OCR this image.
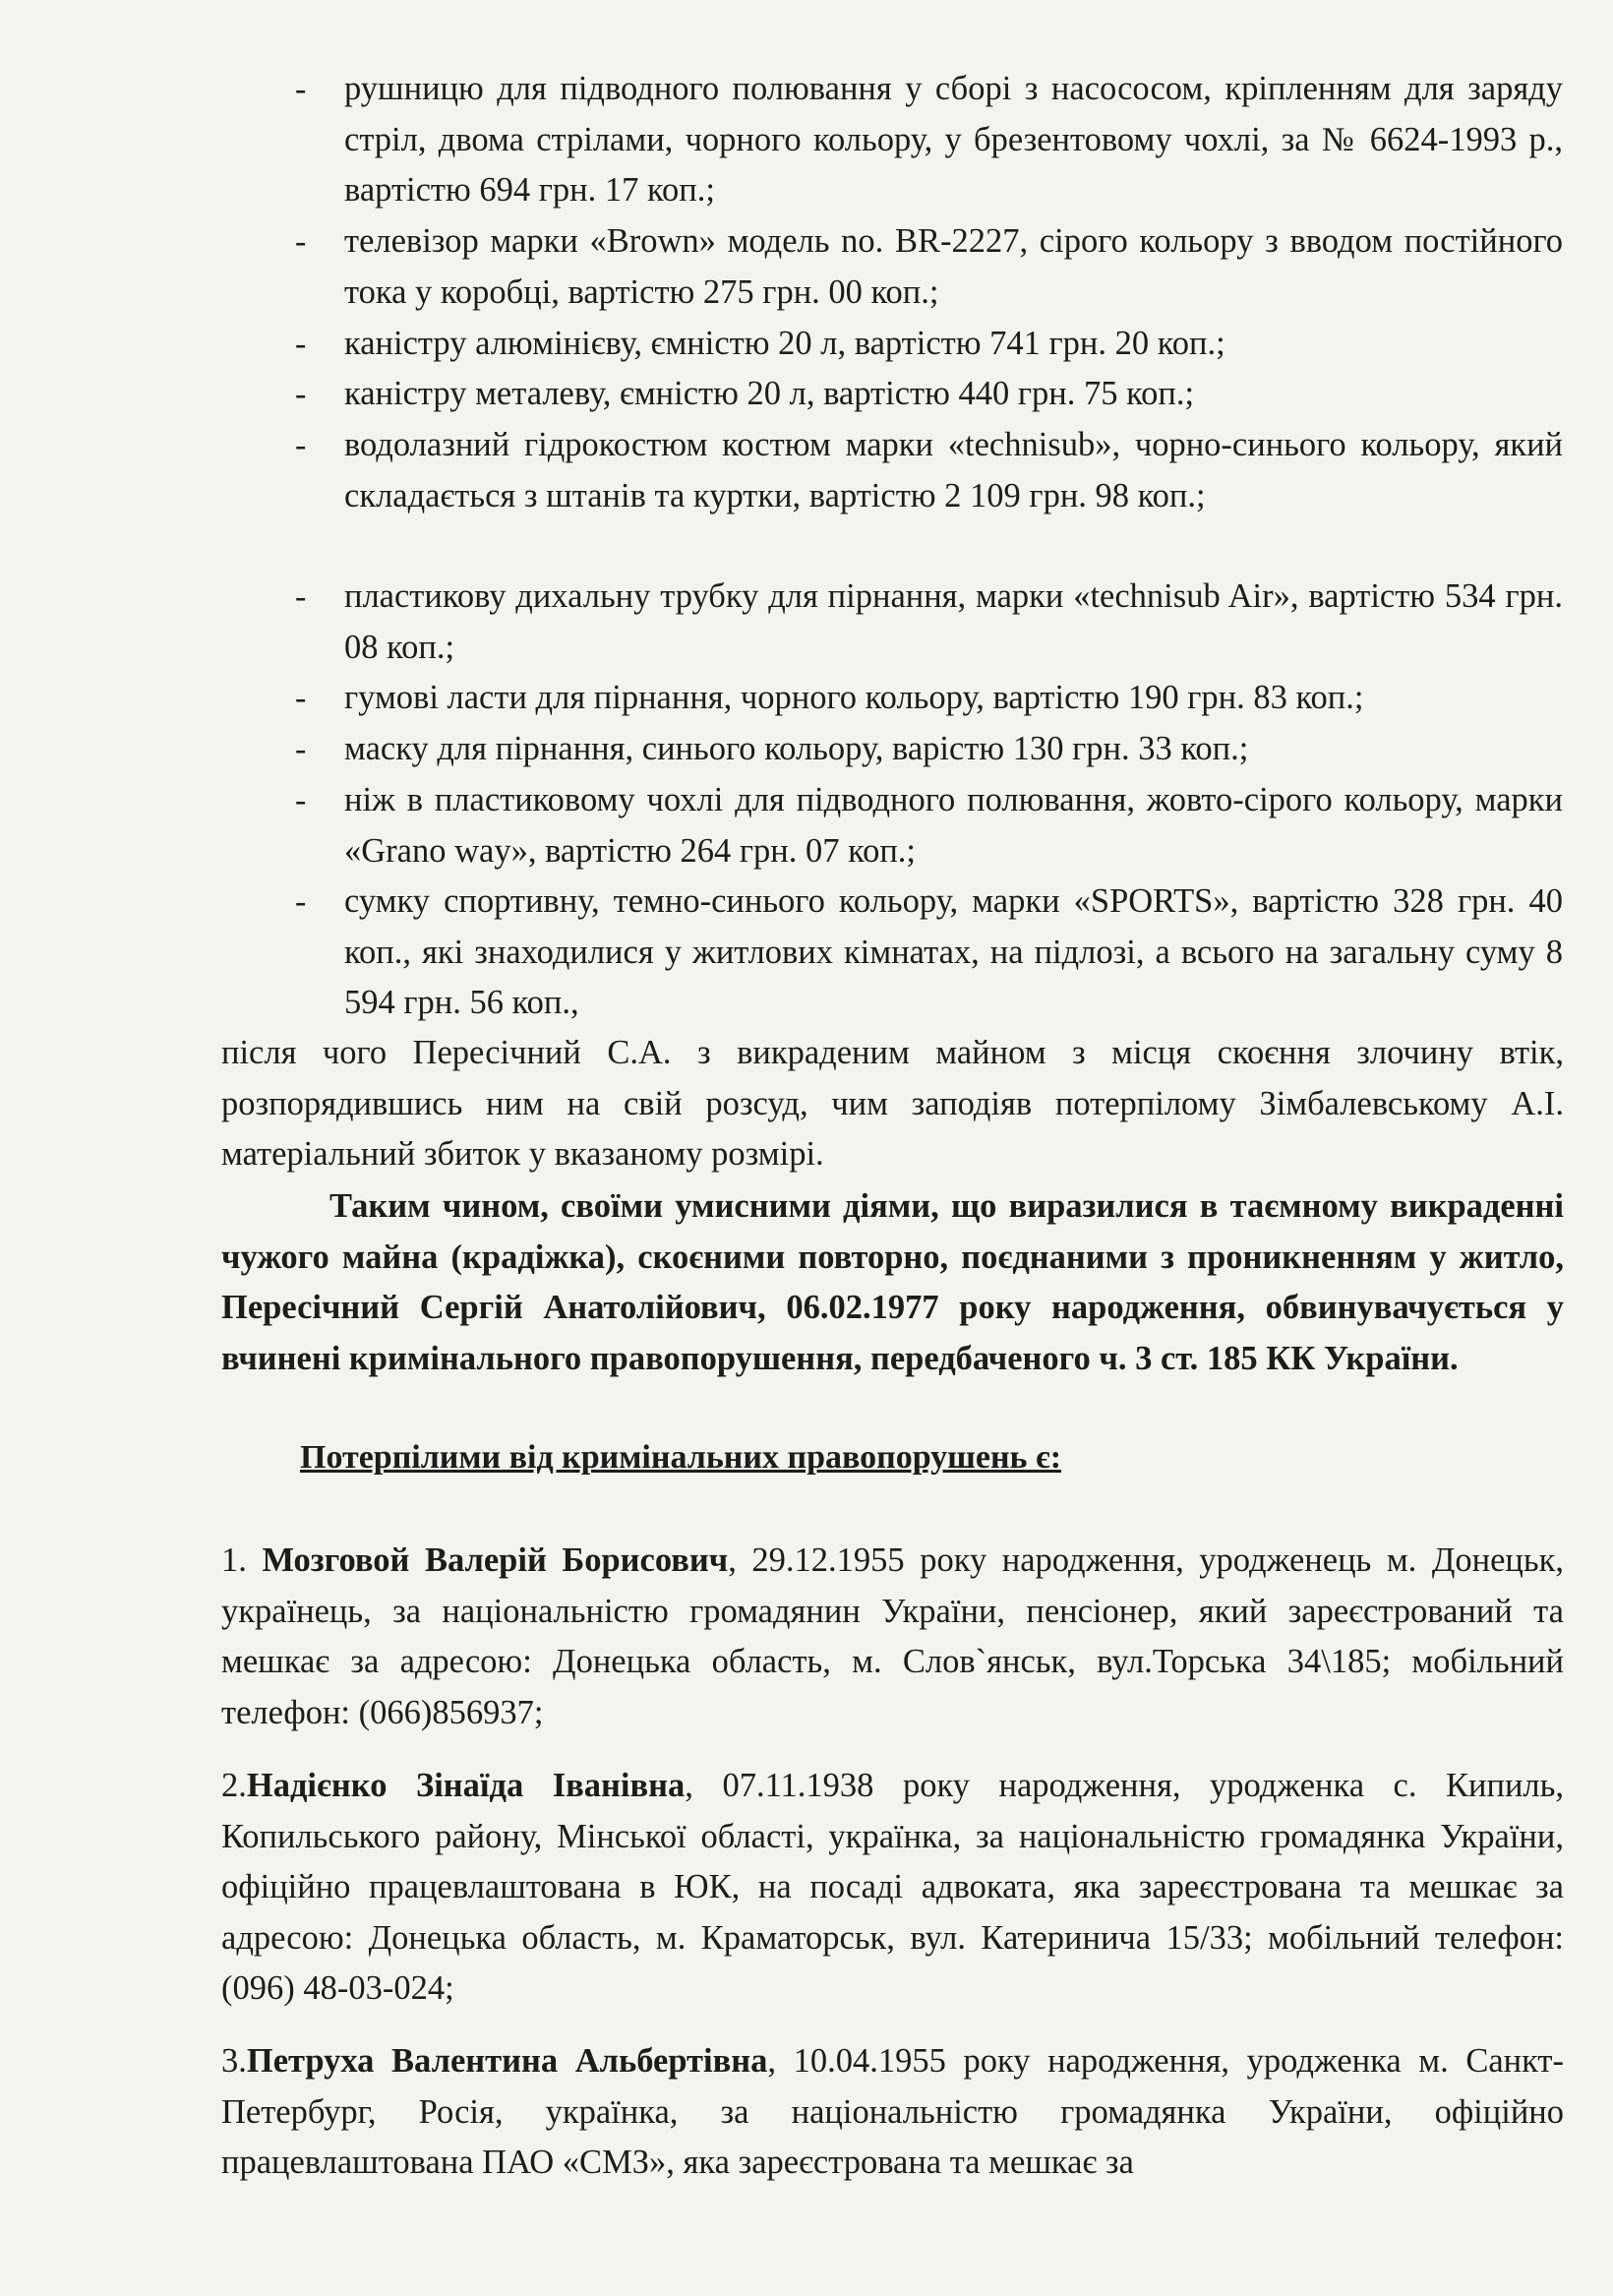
- рушницю для підводного полювання у сборі з насососом, кріпленням для заряду стріл, двома стрілами, чорного кольору, у брезентовому чохлі, за № 6624-1993 р., вартістю 694 грн. 17 коп.;
- телевізор марки «Brown» модель no. BR-2227, сірого кольору з вводом постійного тока у коробці, вартістю 275 грн. 00 коп.;
- каністру алюмінієву, ємністю 20 л, вартістю 741 грн. 20 коп.;
- каністру металеву, ємністю 20 л, вартістю 440 грн. 75 коп.;
- водолазний гідрокостюм костюм марки «technisub», чорно-синього кольору, який складається з штанів та куртки, вартістю 2 109 грн. 98 коп.;
- пластикову дихальну трубку для пірнання, марки «technisub Air», вартістю 534 грн. 08 коп.;
- гумові ласти для пірнання, чорного кольору, вартістю 190 грн. 83 коп.;
- маску для пірнання, синього кольору, варістю 130 грн. 33 коп.;
- ніж в пластиковому чохлі для підводного полювання, жовто-сірого кольору, марки «Grano way», вартістю 264 грн. 07 коп.;
- сумку спортивну, темно-синього кольору, марки «SPORTS», вартістю 328 грн. 40 коп., які знаходилися у житлових кімнатах, на підлозі, а всього на загальну суму 8 594 грн. 56 коп.,
після чого Пересічний С.А. з викраденим майном з місця скоєння злочину втік, розпорядившись ним на свій розсуд, чим заподіяв потерпілому Зімбалевському А.І. матеріальний збиток у вказаному розмірі.
Таким чином, своїми умисними діями, що виразилися в таємному викраденні чужого майна (крадіжка), скоєними повторно, поєднаними з проникненням у житло, Пересічний Сергій Анатолійович, 06.02.1977 року народження, обвинувачується у вчинені кримінального правопорушення, передбаченого ч. 3 ст. 185 КК України.
Потерпілими від кримінальних правопорушень є:
1. Мозговой Валерій Борисович, 29.12.1955 року народження, уродженець м. Донецьк, українець, за національністю громадянин України, пенсіонер, який зареєстрований та мешкає за адресою: Донецька область, м. Слов`янськ, вул.Торська 34\185; мобільний телефон: (066)856937;
2.Надієнко Зінаїда Іванівна, 07.11.1938 року народження, уродженка с. Кипиль, Копильського району, Мінської області, українка, за національністю громадянка України, офіційно працевлаштована в ЮК, на посаді адвоката, яка зареєстрована та мешкає за адресою: Донецька область, м. Краматорськ, вул. Катеринича 15/33; мобільний телефон: (096) 48-03-024;
3.Петруха Валентина Альбертівна, 10.04.1955 року народження, уродженка м. Санкт-Петербург, Росія, українка, за національністю громадянка України, офіційно працевлаштована ПАО «СМЗ», яка зареєстрована та мешкає за
